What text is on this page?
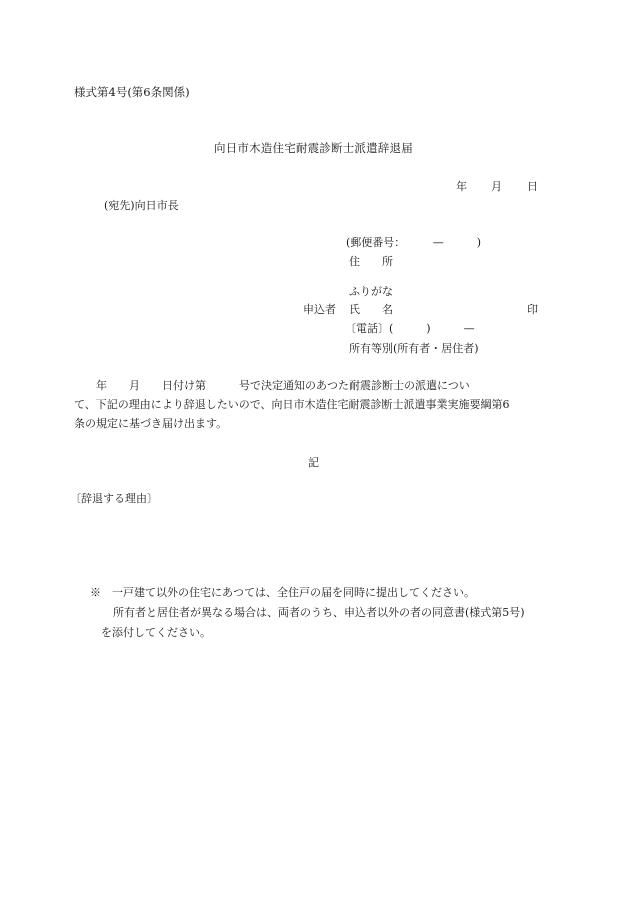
様式第4号(第6条関係)
向日市木造住宅耐震診断士派遣辞退届
年 月 日
(宛先)向日市長
(郵便番号：　　　—　　　)
住　　所
ふりがな
申込者 氏　　名	印
〔電話〕(　　　)　　　—
所有等別(所有者・居住者)
年　　月　　日付け第　　　号で決定通知のあつた耐震診断士の派遣につい
て、下記の理由により辞退したいので、向日市木造住宅耐震診断士派遣事業実施要綱第6
条の規定に基づき届け出ます。
記
〔辞退する理由〕
※　一戸建て以外の住宅にあつては、全住戸の届を同時に提出してください。
所有者と居住者が異なる場合は、両者のうち、申込者以外の者の同意書(様式第5号)
を添付してください。
